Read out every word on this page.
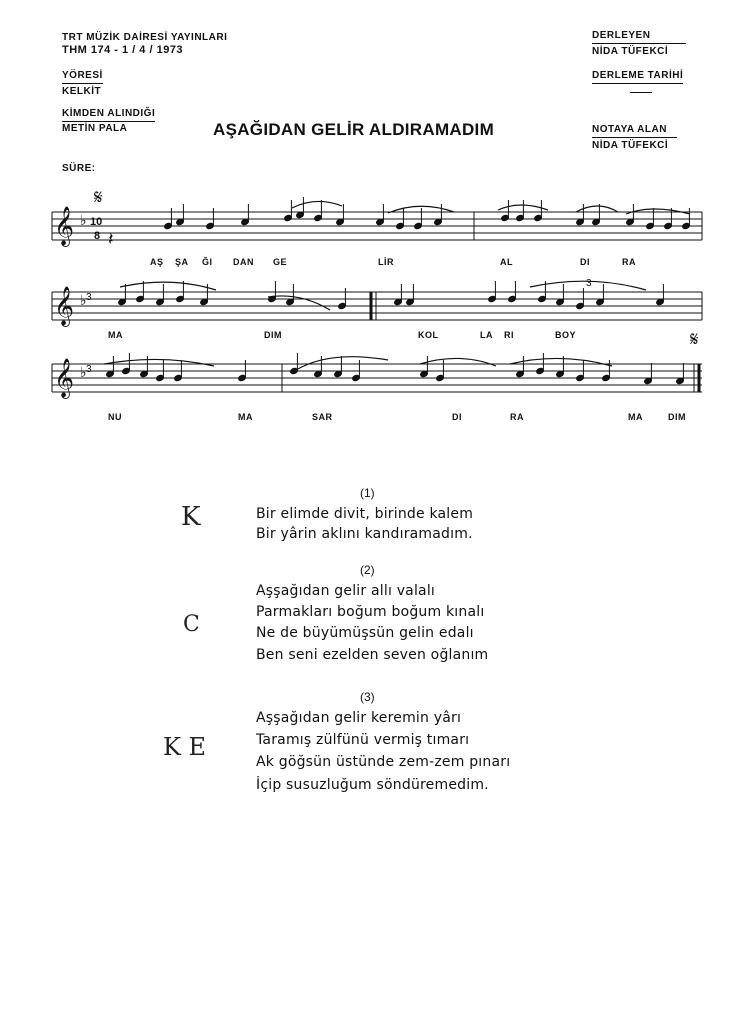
TRT MÜZİK DAİRESİ YAYINLARI
THM 174 - 1 / 4 / 1973
YÖRESİ
KELKİT
KİMDEN ALINDIĞI
METİN PALA
SÜRE:
DERLEYEN
NİDA TÜFEKCİ
DERLEME TARİHİ
NOTAYA ALAN
NİDA TÜFEKCİ
AŞAĞIDAN GELİR ALDIRAMADIM
𝄞
𝄞
𝄞
♭
♭
♭
𝄋
𝄋
𝄽
10
8
3
3
3
AŞ ŞA ĞI DAN GE	LİR	AL	DI	RA
MA	DIM	KOL	LA RI	BOY
NU	MA	SAR	DI	RA	MA	DIM
(1)
Bir elimde divit, birinde kalem
Bir yârin aklını kandıramadım.
(2)
Aşşağıdan gelir allı valalı
Parmakları boğum boğum kınalı
Ne de büyümüşsün gelin edalı
Ben seni ezelden seven oğlanım
(3)
Aşşağıdan gelir keremin yârı
Taramış zülfünü vermiş tımarı
Ak göğsün üstünde zem-zem pınarı
İçip susuzluğum söndüremedim.
K
C
K E
